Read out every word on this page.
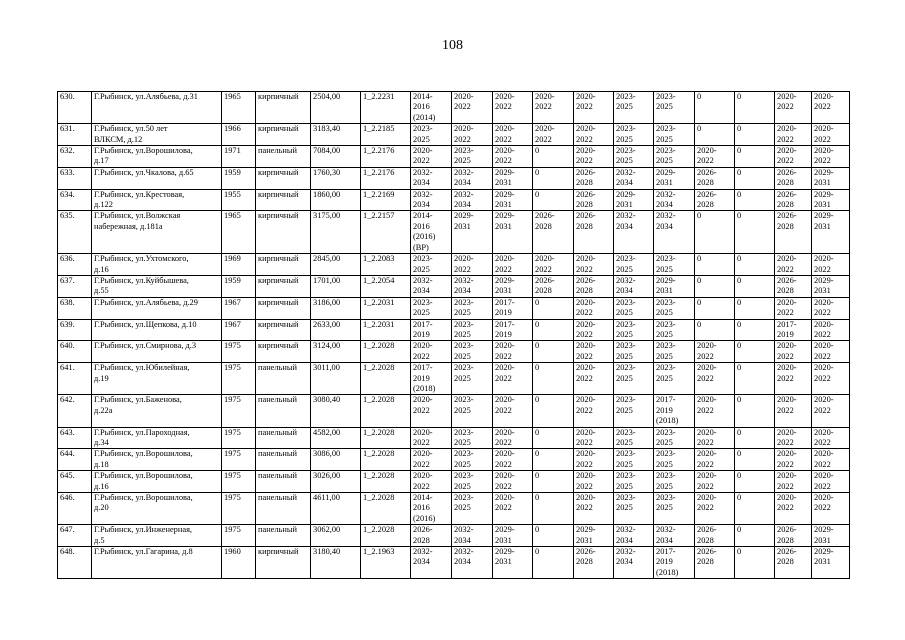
108
630.	Г.Рыбинск, ул.Алябьева, д.31	1965	кирпичный	2504,00	1_2.2231	2014-
2016
(2014)	2020-
2022	2020-
2022	2020-
2022	2020-
2022	2023-
2025	2023-
2025	0	0	2020-
2022	2020-
2022
631.	Г.Рыбинск, ул.50 лет
ВЛКСМ, д.12	1966	кирпичный	3183,40	1_2.2185	2023-
2025	2020-
2022	2020-
2022	2020-
2022	2020-
2022	2023-
2025	2023-
2025	0	0	2020-
2022	2020-
2022
632.	Г.Рыбинск, ул.Ворошилова,
д.17	1971	панельный	7084,00	1_2.2176	2020-
2022	2023-
2025	2020-
2022	0	2020-
2022	2023-
2025	2023-
2025	2020-
2022	0	2020-
2022	2020-
2022
633.	Г.Рыбинск, ул.Чкалова, д.65	1959	кирпичный	1760,30	1_2.2176	2032-
2034	2032-
2034	2029-
2031	0	2026-
2028	2032-
2034	2029-
2031	2026-
2028	0	2026-
2028	2029-
2031
634.	Г.Рыбинск, ул.Крестовая,
д.122	1955	кирпичный	1860,00	1_2.2169	2032-
2034	2032-
2034	2029-
2031	0	2026-
2028	2029-
2031	2032-
2034	2026-
2028	0	2026-
2028	2029-
2031
635.	Г.Рыбинск, ул.Волжская
набережная, д.181а	1965	кирпичный	3175,00	1_2.2157	2014-
2016
(2016)
(ВР)	2029-
2031	2029-
2031	2026-
2028	2026-
2028	2032-
2034	2032-
2034	0	0	2026-
2028	2029-
2031
636.	Г.Рыбинск, ул.Ухтомского,
д.16	1969	кирпичный	2845,00	1_2.2083	2023-
2025	2020-
2022	2020-
2022	2020-
2022	2020-
2022	2023-
2025	2023-
2025	0	0	2020-
2022	2020-
2022
637.	Г.Рыбинск, ул.Куйбышева,
д.55	1959	кирпичный	1701,00	1_2.2054	2032-
2034	2032-
2034	2029-
2031	2026-
2028	2026-
2028	2032-
2034	2029-
2031	0	0	2026-
2028	2029-
2031
638.	Г.Рыбинск, ул.Алябьева, д.29	1967	кирпичный	3186,00	1_2.2031	2023-
2025	2023-
2025	2017-
2019	0	2020-
2022	2023-
2025	2023-
2025	0	0	2020-
2022	2020-
2022
639.	Г.Рыбинск, ул.Щепкова, д.10	1967	кирпичный	2633,00	1_2.2031	2017-
2019	2023-
2025	2017-
2019	0	2020-
2022	2023-
2025	2023-
2025	0	0	2017-
2019	2020-
2022
640.	Г.Рыбинск, ул.Смирнова, д.3	1975	кирпичный	3124,00	1_2.2028	2020-
2022	2023-
2025	2020-
2022	0	2020-
2022	2023-
2025	2023-
2025	2020-
2022	0	2020-
2022	2020-
2022
641.	Г.Рыбинск, ул.Юбилейная,
д.19	1975	панельный	3011,00	1_2.2028	2017-
2019
(2018)	2023-
2025	2020-
2022	0	2020-
2022	2023-
2025	2023-
2025	2020-
2022	0	2020-
2022	2020-
2022
642.	Г.Рыбинск, ул.Баженова,
д.22а	1975	панельный	3080,40	1_2.2028	2020-
2022	2023-
2025	2020-
2022	0	2020-
2022	2023-
2025	2017-
2019
(2018)	2020-
2022	0	2020-
2022	2020-
2022
643.	Г.Рыбинск, ул.Пароходная,
д.34	1975	панельный	4582,00	1_2.2028	2020-
2022	2023-
2025	2020-
2022	0	2020-
2022	2023-
2025	2023-
2025	2020-
2022	0	2020-
2022	2020-
2022
644.	Г.Рыбинск, ул.Ворошилова,
д.18	1975	панельный	3086,00	1_2.2028	2020-
2022	2023-
2025	2020-
2022	0	2020-
2022	2023-
2025	2023-
2025	2020-
2022	0	2020-
2022	2020-
2022
645.	Г.Рыбинск, ул.Ворошилова,
д.16	1975	панельный	3026,00	1_2.2028	2020-
2022	2023-
2025	2020-
2022	0	2020-
2022	2023-
2025	2023-
2025	2020-
2022	0	2020-
2022	2020-
2022
646.	Г.Рыбинск, ул.Ворошилова,
д.20	1975	панельный	4611,00	1_2.2028	2014-
2016
(2016)	2023-
2025	2020-
2022	0	2020-
2022	2023-
2025	2023-
2025	2020-
2022	0	2020-
2022	2020-
2022
647.	Г.Рыбинск, ул.Инженерная,
д.5	1975	панельный	3062,00	1_2.2028	2026-
2028	2032-
2034	2029-
2031	0	2029-
2031	2032-
2034	2032-
2034	2026-
2028	0	2026-
2028	2029-
2031
648.	Г.Рыбинск, ул.Гагарина, д.8	1960	кирпичный	3180,40	1_2.1963	2032-
2034	2032-
2034	2029-
2031	0	2026-
2028	2032-
2034	2017-
2019
(2018)	2026-
2028	0	2026-
2028	2029-
2031
